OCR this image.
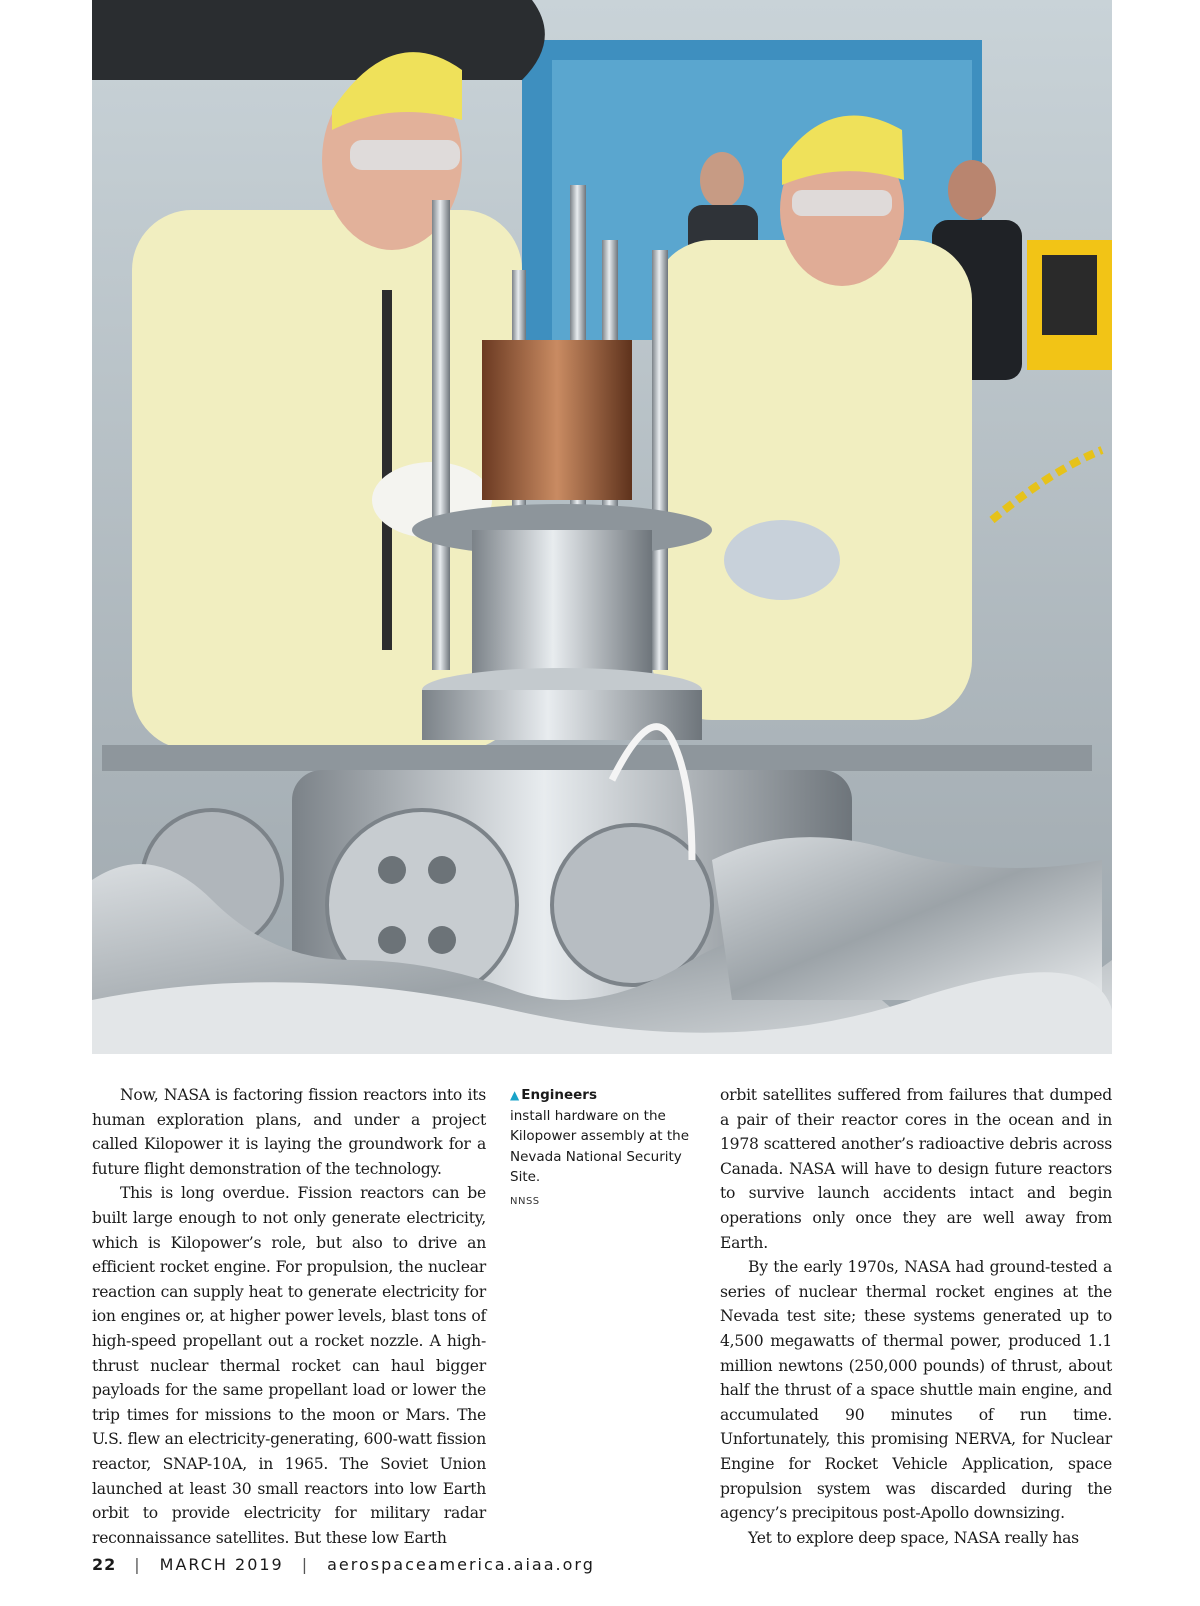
Now, NASA is factoring fission reactors into its human exploration plans, and under a project called Kilopower it is laying the groundwork for a future flight demonstration of the technology.

This is long overdue. Fission reactors can be built large enough to not only generate electricity, which is Kilopower’s role, but also to drive an efficient rocket engine. For propulsion, the nuclear reaction can supply heat to generate electricity for ion engines or, at higher power levels, blast tons of high-speed propellant out a rocket nozzle. A high-thrust nuclear thermal rocket can haul bigger payloads for the same propellant load or lower the trip times for missions to the moon or Mars. The U.S. flew an electricity-generating, 600-watt fission reactor, SNAP-10A, in 1965. The Soviet Union launched at least 30 small reactors into low Earth orbit to provide electricity for military radar reconnaissance satellites. But these low Earth

▲ Engineers
install hardware on the Kilopower assembly at the Nevada National Security Site.
NNSS

orbit satellites suffered from failures that dumped a pair of their reactor cores in the ocean and in 1978 scattered another’s radioactive debris across Canada. NASA will have to design future reactors to survive launch accidents intact and begin operations only once they are well away from Earth.

By the early 1970s, NASA had ground-tested a series of nuclear thermal rocket engines at the Nevada test site; these systems generated up to 4,500 megawatts of thermal power, produced 1.1 million newtons (250,000 pounds) of thrust, about half the thrust of a space shuttle main engine, and accumulated 90 minutes of run time. Unfortunately, this promising NERVA, for Nuclear Engine for Rocket Vehicle Application, space propulsion system was discarded during the agency’s precipitous post-Apollo downsizing.

Yet to explore deep space, NASA really has

22 | MARCH 2019 | aerospaceamerica.aiaa.org
